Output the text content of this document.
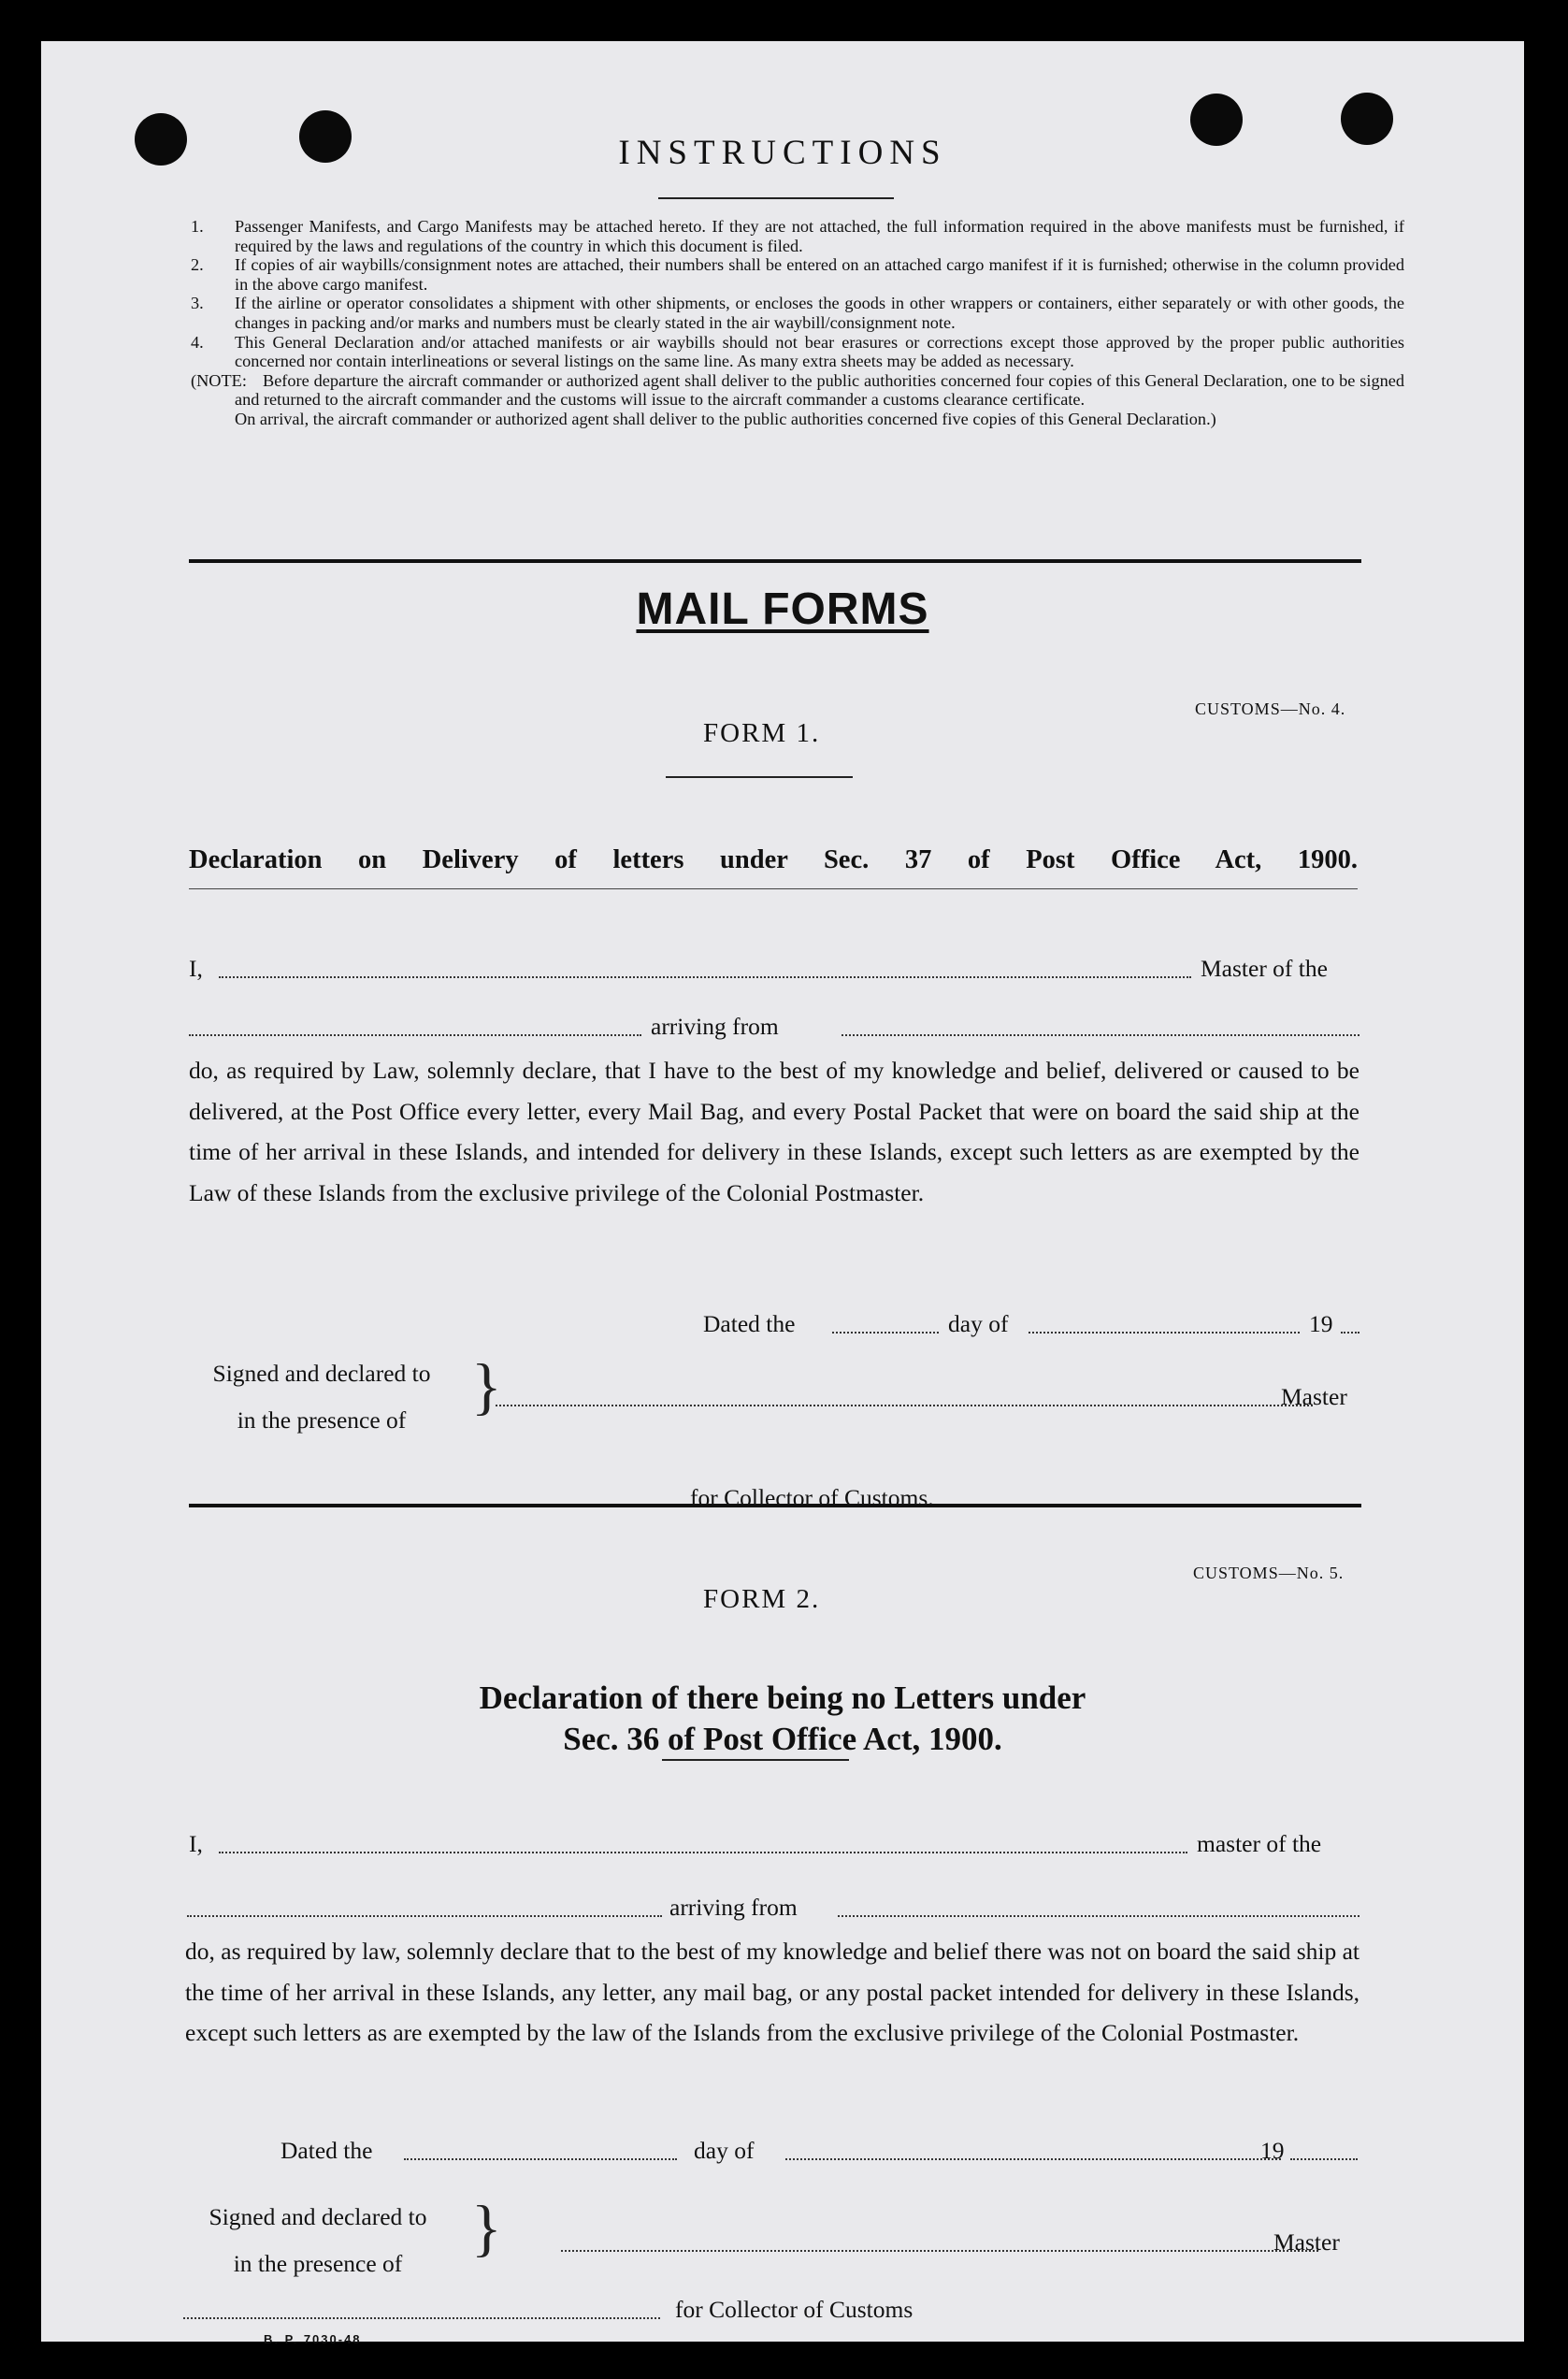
INSTRUCTIONS
1. Passenger Manifests, and Cargo Manifests may be attached hereto. If they are not attached, the full information required in the above manifests must be furnished, if required by the laws and regulations of the country in which this document is filed.
2. If copies of air waybills/consignment notes are attached, their numbers shall be entered on an attached cargo manifest if it is furnished; otherwise in the column provided in the above cargo manifest.
3. If the airline or operator consolidates a shipment with other shipments, or encloses the goods in other wrappers or containers, either separately or with other goods, the changes in packing and/or marks and numbers must be clearly stated in the air waybill/consignment note.
4. This General Declaration and/or attached manifests or air waybills should not bear erasures or corrections except those approved by the proper public authorities concerned nor contain interlineations or several listings on the same line. As many extra sheets may be added as necessary.
(NOTE: Before departure the aircraft commander or authorized agent shall deliver to the public authorities concerned four copies of this General Declaration, one to be signed and returned to the aircraft commander and the customs will issue to the aircraft commander a customs clearance certificate.
On arrival, the aircraft commander or authorized agent shall deliver to the public authorities concerned five copies of this General Declaration.)
MAIL FORMS
CUSTOMS—No. 4.
FORM 1.
Declaration on Delivery of letters under Sec. 37 of Post Office Act, 1900.
I,	Master of the
arriving from
do, as required by Law, solemnly declare, that I have to the best of my knowledge and belief, delivered or caused to be delivered, at the Post Office every letter, every Mail Bag, and every Postal Packet that were on board the said ship at the time of her arrival in these Islands, and intended for delivery in these Islands, except such letters as are exempted by the Law of these Islands from the exclusive privilege of the Colonial Postmaster.
Dated the	day of	19
Signed and declared to
in the presence of	}	Master
for Collector of Customs.
CUSTOMS—No. 5.
FORM 2.
Declaration of there being no Letters under
Sec. 36 of Post Office Act, 1900.
I,	master of the
arriving from
do, as required by law, solemnly declare that to the best of my knowledge and belief there was not on board the said ship at the time of her arrival in these Islands, any letter, any mail bag, or any postal packet intended for delivery in these Islands, except such letters as are exempted by the law of the Islands from the exclusive privilege of the Colonial Postmaster.
Dated the	day of	19
Signed and declared to
in the presence of
}	Master
for Collector of Customs
B. P. 7030-48
